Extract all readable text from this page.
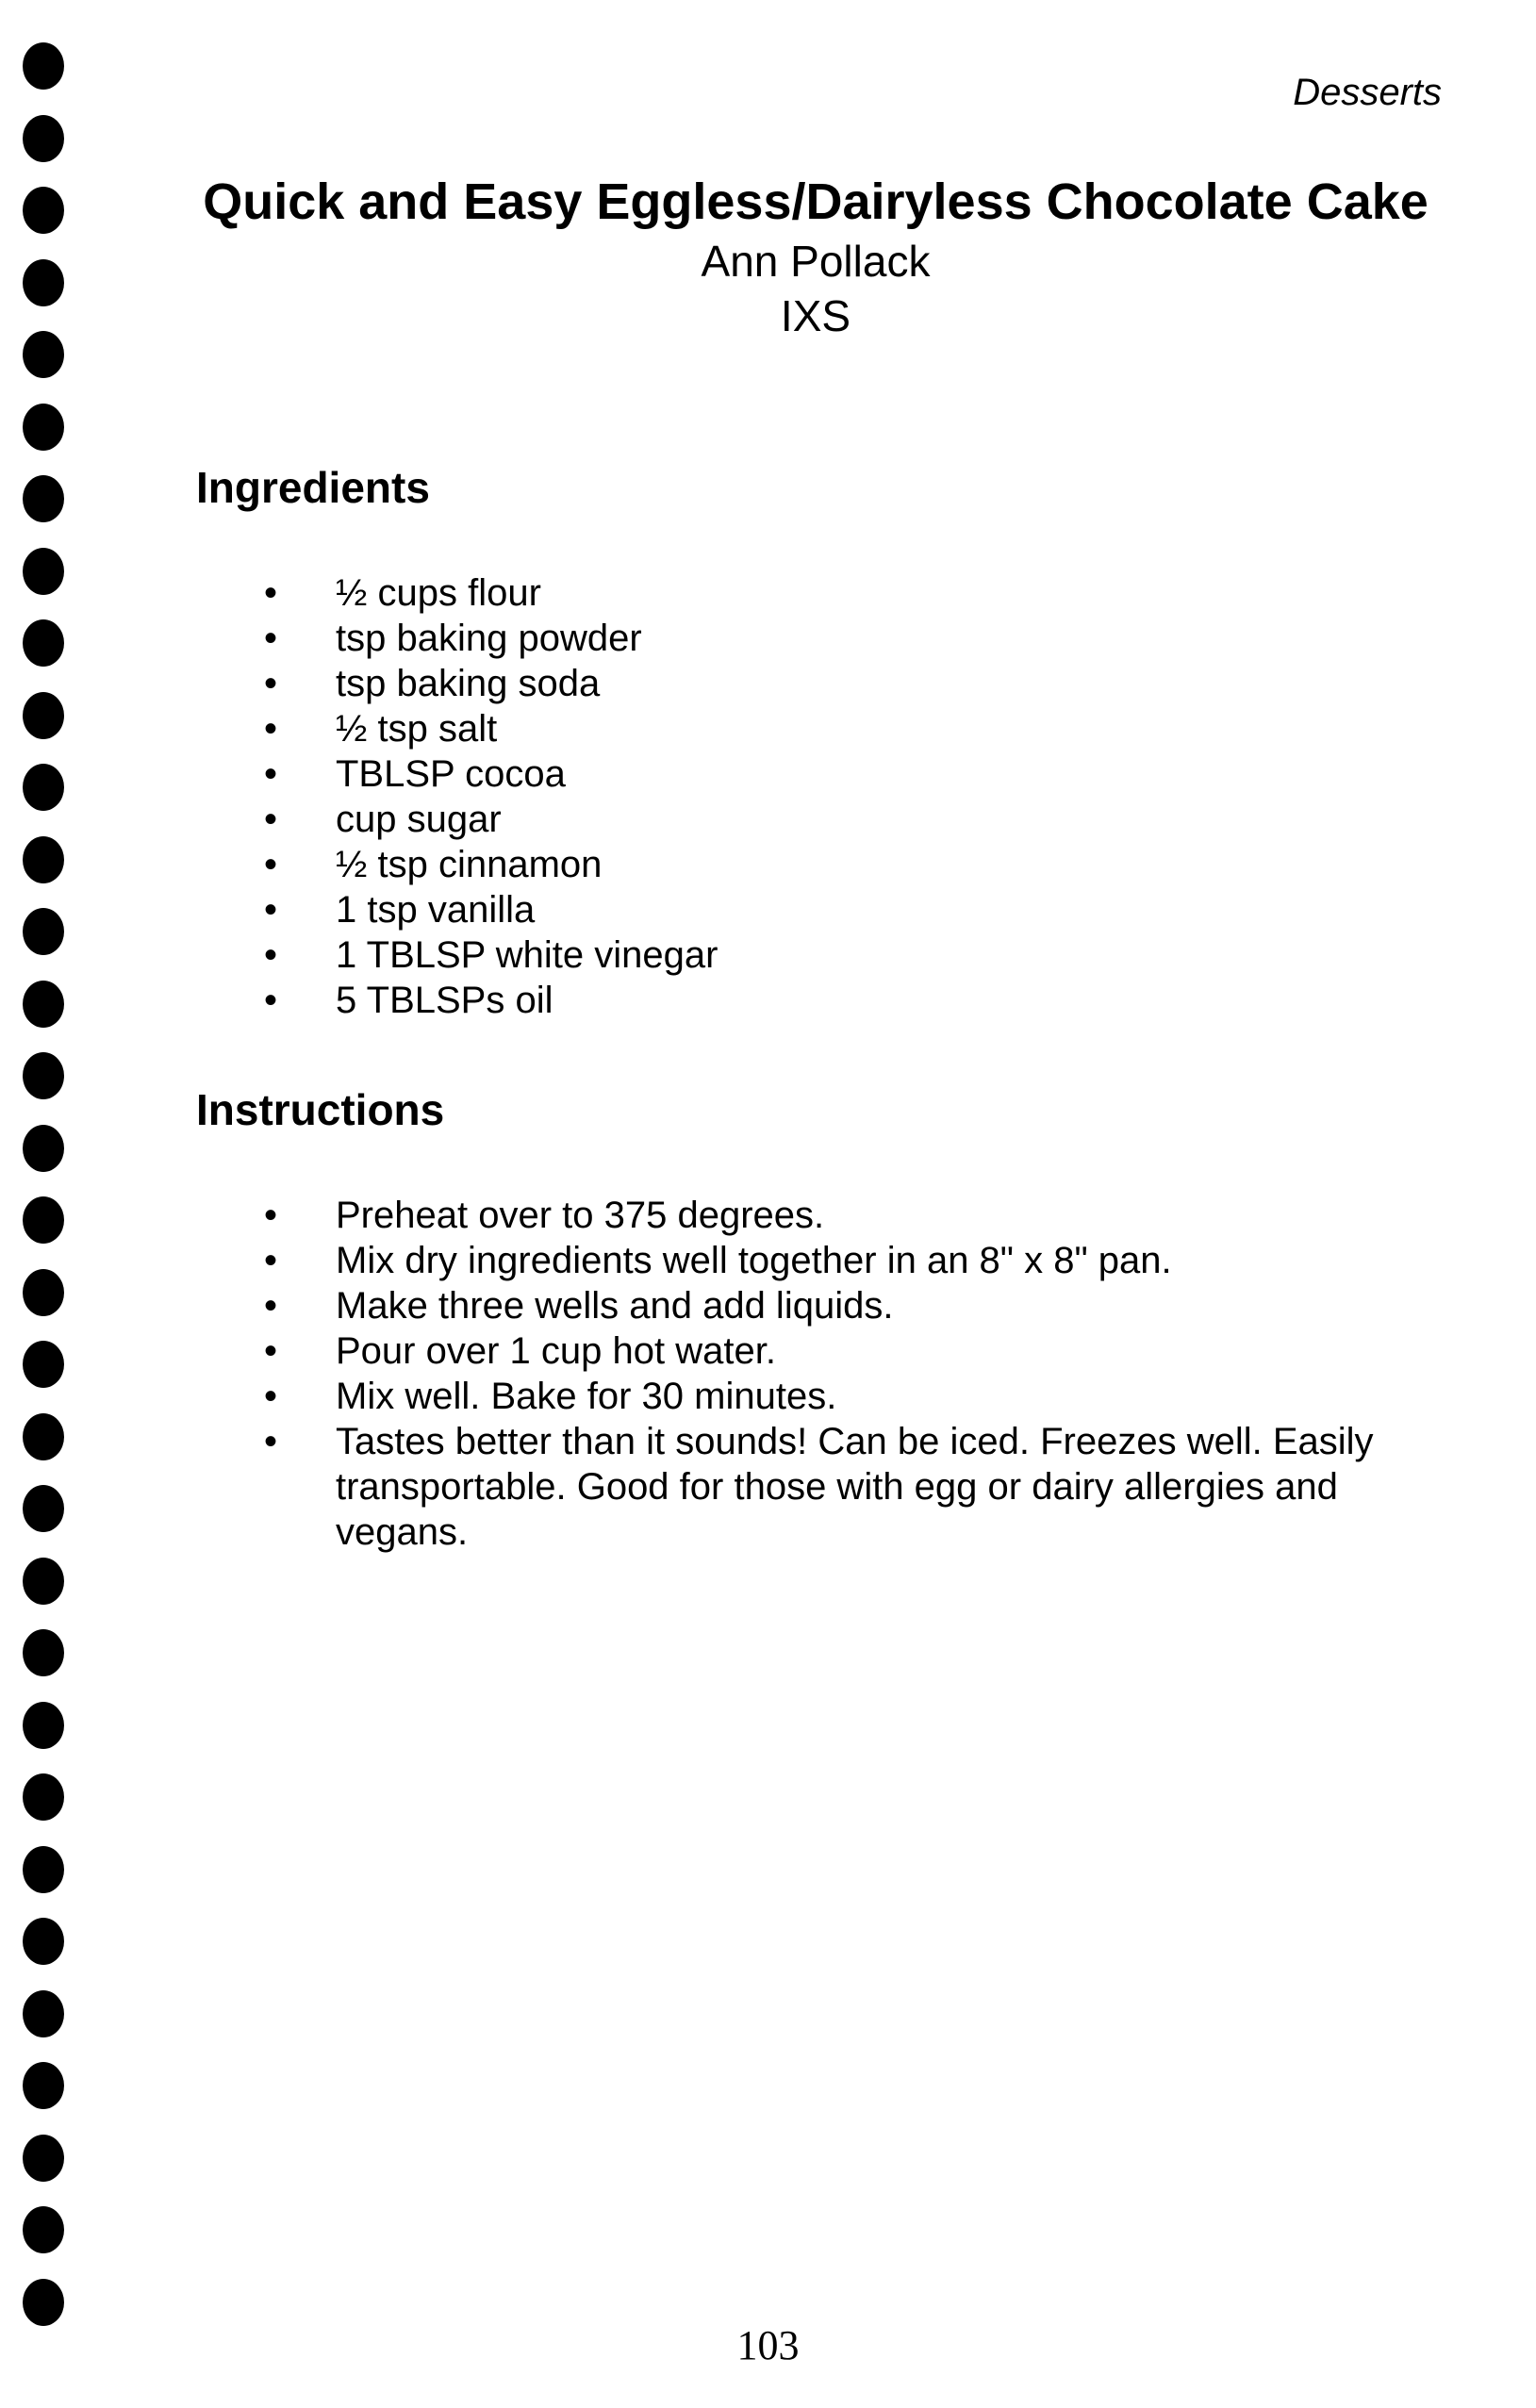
Desserts

Quick and Easy Eggless/Dairyless Chocolate Cake

Ann Pollack

IXS

Ingredients
• ½ cups flour
• tsp baking powder
• tsp baking soda
• ½ tsp salt
• TBLSP cocoa
• cup sugar
• ½ tsp cinnamon
• 1 tsp vanilla
• 1 TBLSP white vinegar
• 5 TBLSPs oil
Instructions
• Preheat over to 375 degrees.
• Mix dry ingredients well together in an 8" x 8" pan.
• Make three wells and add liquids.
• Pour over 1 cup hot water.
• Mix well. Bake for 30 minutes.
• Tastes better than it sounds! Can be iced. Freezes well. Easily transportable. Good for those with egg or dairy allergies and vegans.

103
